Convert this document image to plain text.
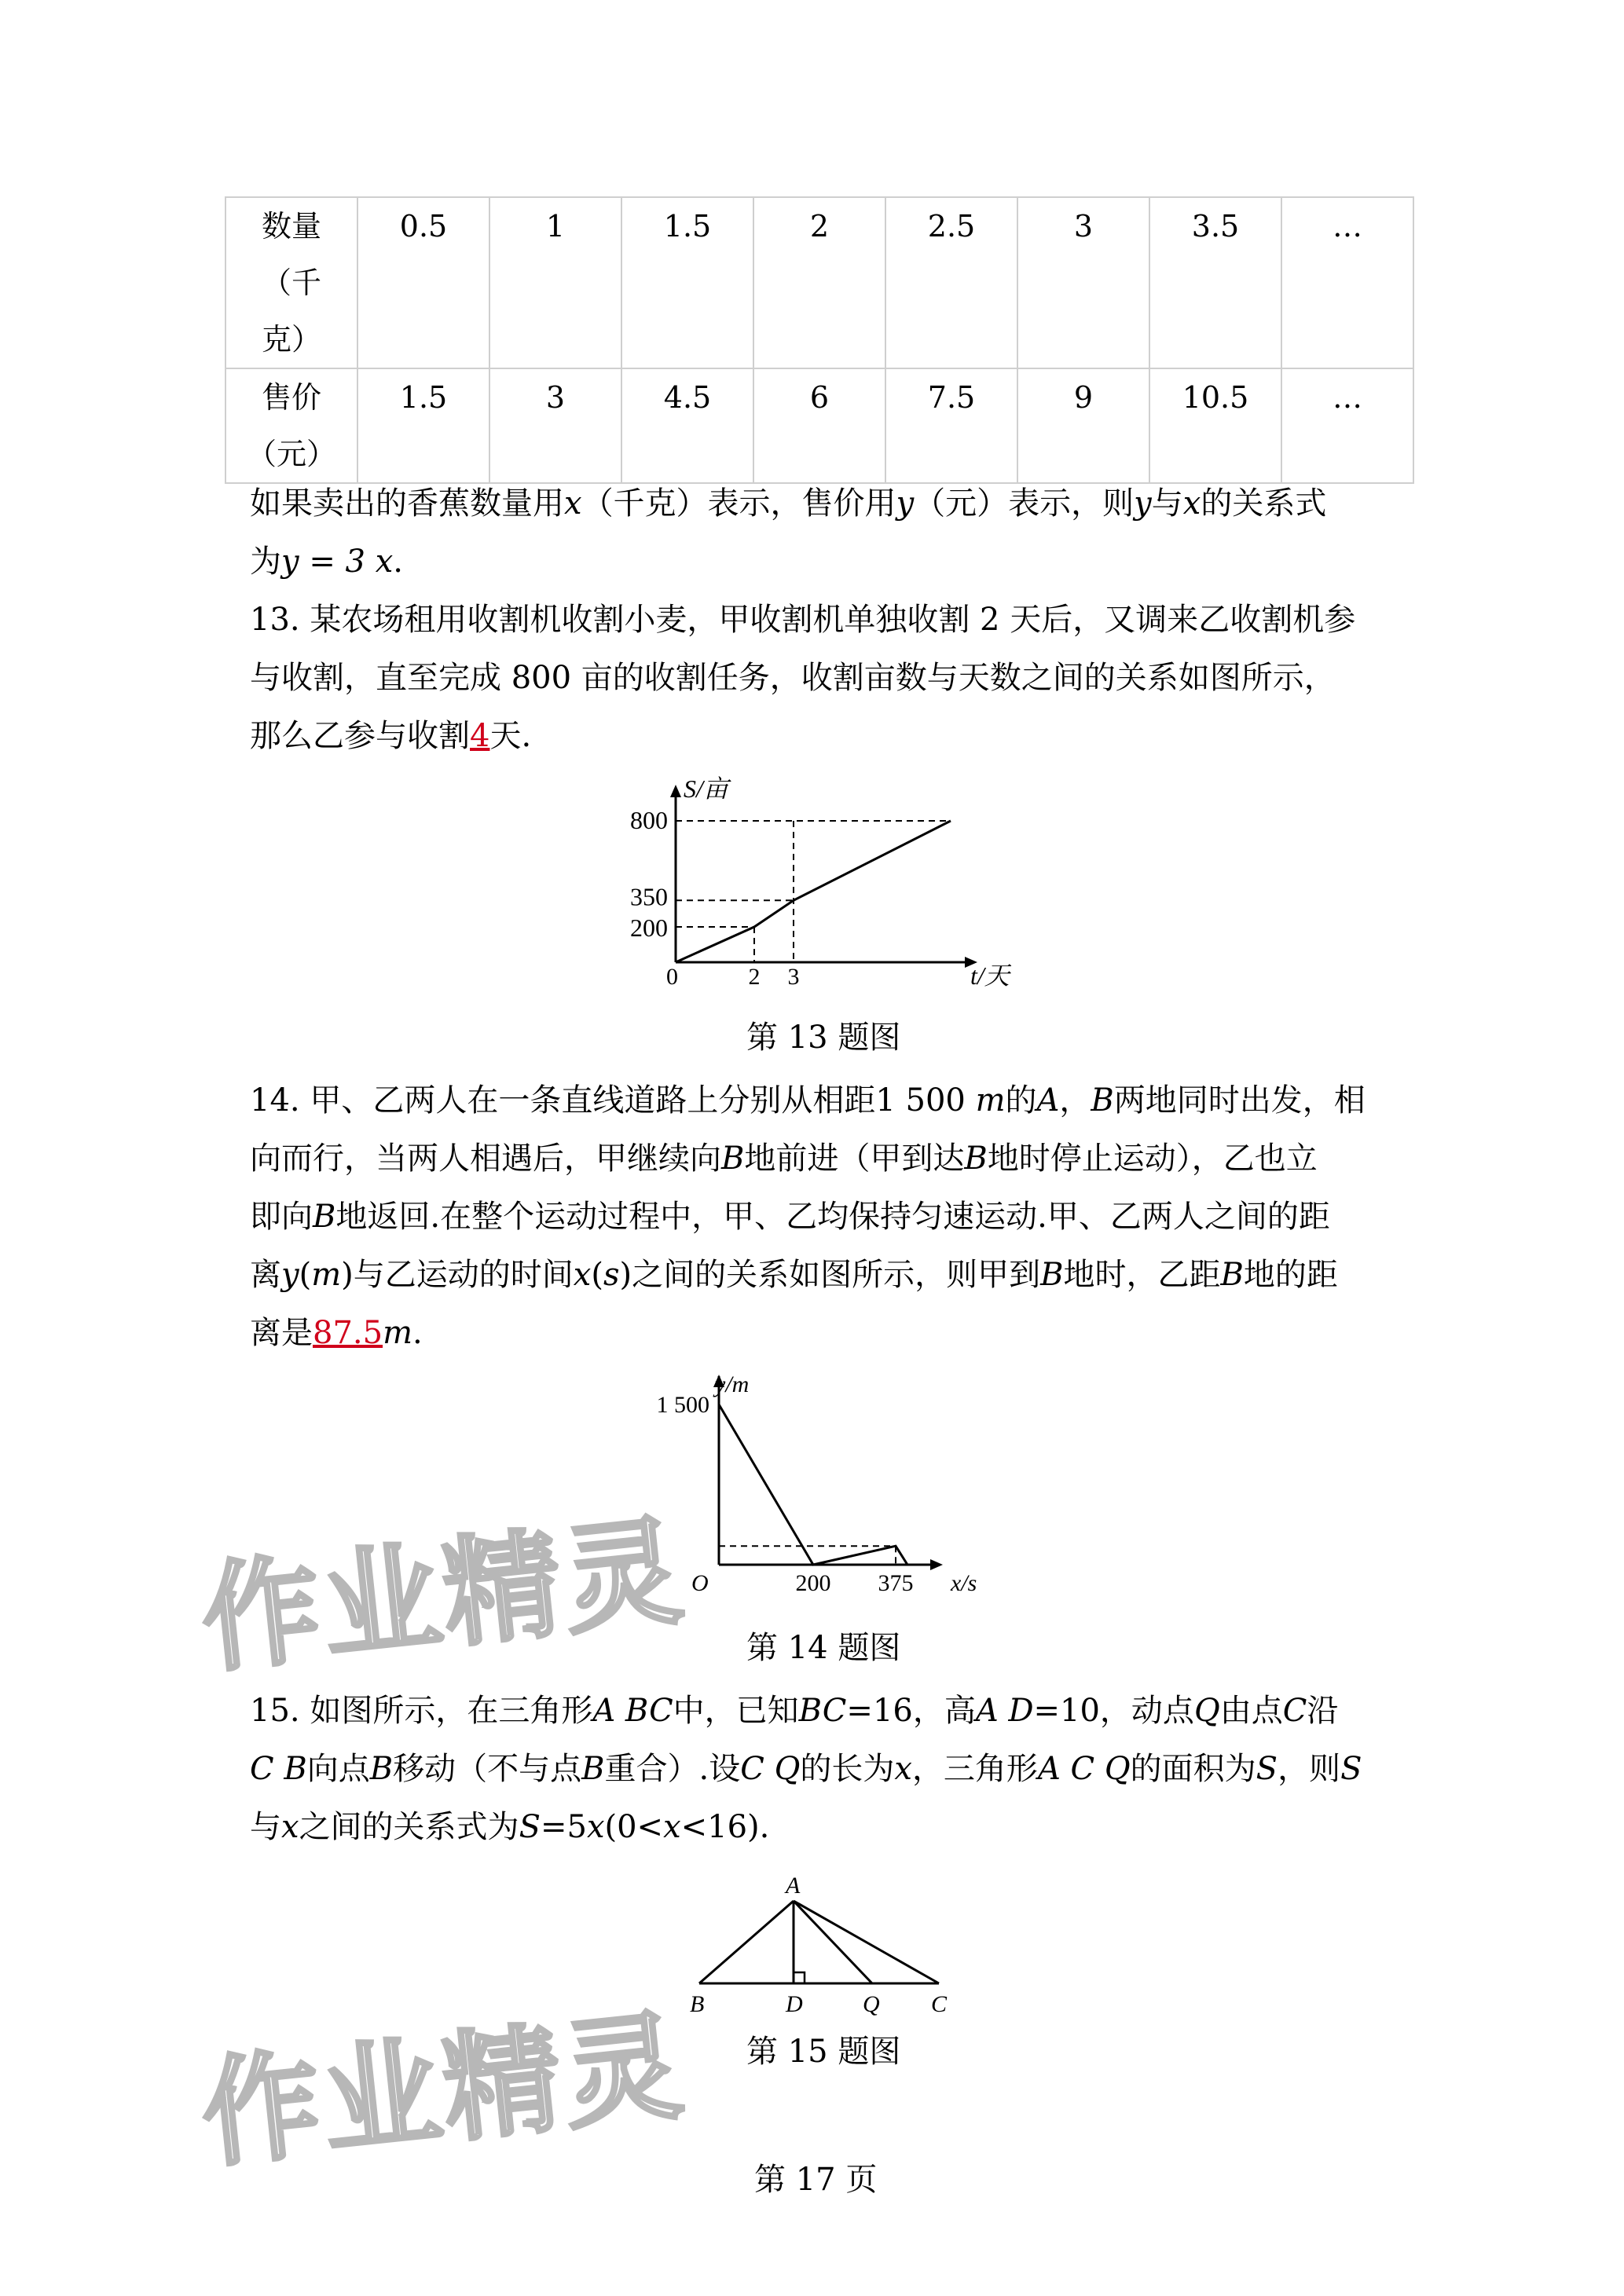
数量
（千
克）	0.5	1	1.5	2	2.5	3	3.5	…

售价
（元）	1.5	3	4.5	6	7.5	9	10.5	…
如果卖出的香蕉数量用x（千克）表示，售价用y（元）表示，则y与x的关系式
为y = 3 x.
13. 某农场租用收割机收割小麦，甲收割机单独收割 2 天后，又调来乙收割机参
与收割，直至完成 800 亩的收割任务，收割亩数与天数之间的关系如图所示，
那么乙参与收割4天.
S/亩
t/天
0
800
350
200
2 3
第 13 题图
14. 甲、乙两人在一条直线道路上分别从相距1 500 m的A，B两地同时出发，相
向而行，当两人相遇后，甲继续向B地前进（甲到达B地时停止运动），乙也立
即向B地返回.在整个运动过程中，甲、乙均保持匀速运动.甲、乙两人之间的距
离y(m)与乙运动的时间x(s)之间的关系如图所示，则甲到B地时，乙距B地的距
离是87.5m.
y/m
x/s
O
1 500
200 375
第 14 题图
15. 如图所示，在三角形A BC中，已知BC=16，高A D=10，动点Q由点C沿
C B向点B移动（不与点B重合）.设C Q的长为x，三角形A C Q的面积为S，则S
与x之间的关系式为S=5x(0<x<16).
A
B	D	Q C
第 15 题图
作业精灵
作业精灵 第 17 页
